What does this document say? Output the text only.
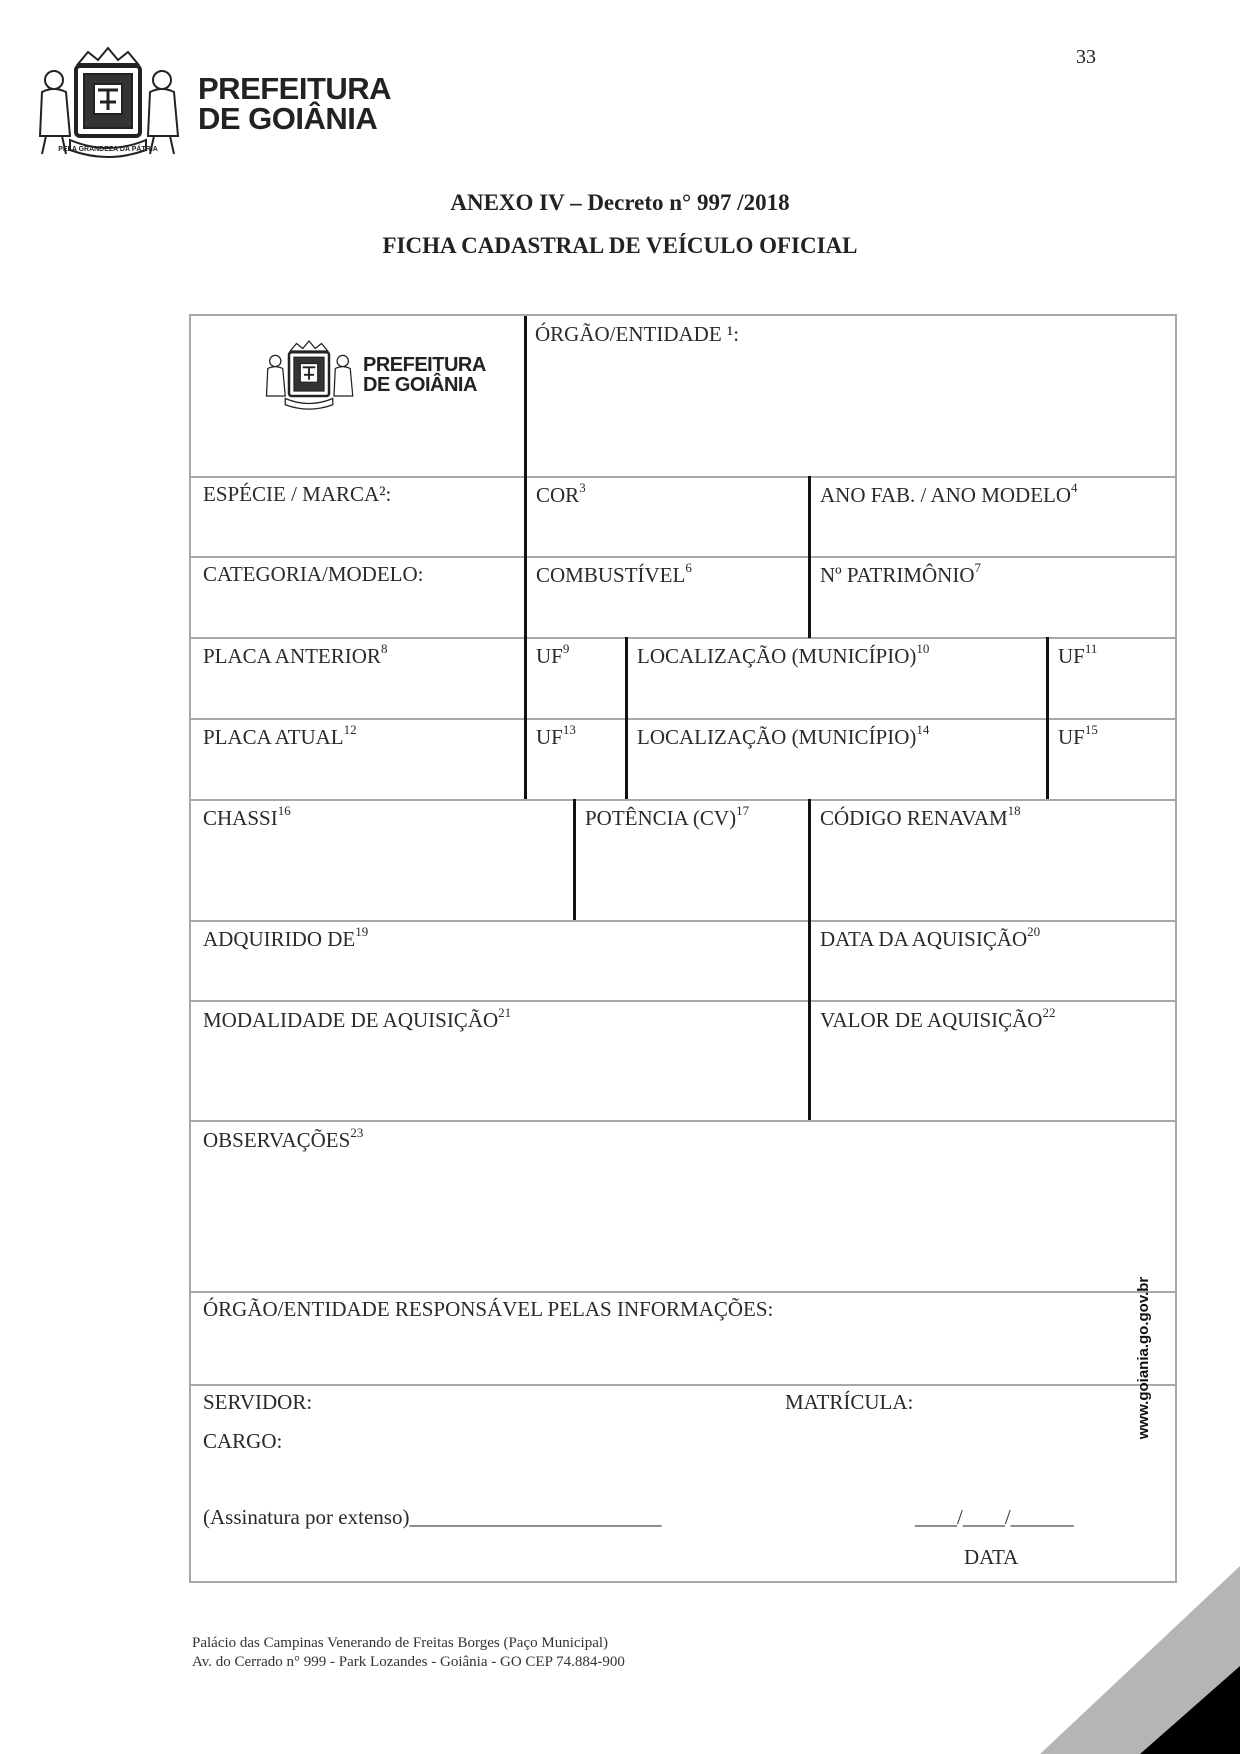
33
PELA GRANDEZA DA PÁTRIA
PREFEITURA
DE GOIÂNIA
ANEXO IV – Decreto n° 997 /2018
FICHA CADASTRAL DE VEÍCULO OFICIAL
PREFEITURA
DE GOIÂNIA
ÓRGÃO/ENTIDADE ¹:
ESPÉCIE / MARCA²:	COR$^3$	ANO FAB. / ANO MODELO$^4$
CATEGORIA/MODELO:	COMBUSTÍVEL$^6$	Nº PATRIMÔNIO$^7$
PLACA ANTERIOR$^8$	$UF^9$	LOCALIZAÇÃO (MUNICÍPIO)$^{10}$	UF$^{11}$
PLACA ATUAL$^{12}$	UF$^{13}$	LOCALIZAÇÃO (MUNICÍPIO)$^{14}$	UF$^{15}$
CHASSI$^{16}$	POTÊNCIA (CV)$^{17}$	CÓDIGO RENAVAM$^{18}$
ADQUIRIDO DE$^{19}$	DATA DA AQUISIÇÃO$^{20}$
MODALIDADE DE AQUISIÇÃO$^{21}$	VALOR DE AQUISIÇÃO$^{22}$
OBSERVAÇÕES$^{23}$
ÓRGÃO/ENTIDADE RESPONSÁVEL PELAS INFORMAÇÕES:
SERVIDOR:	MATRÍCULA:
CARGO:
(Assinatura por extenso)________________________	____/____/______
DATA
www.goiania.go.gov.br
Palácio das Campinas Venerando de Freitas Borges (Paço Municipal)
Av. do Cerrado n° 999 - Park Lozandes - Goiânia - GO CEP 74.884-900
